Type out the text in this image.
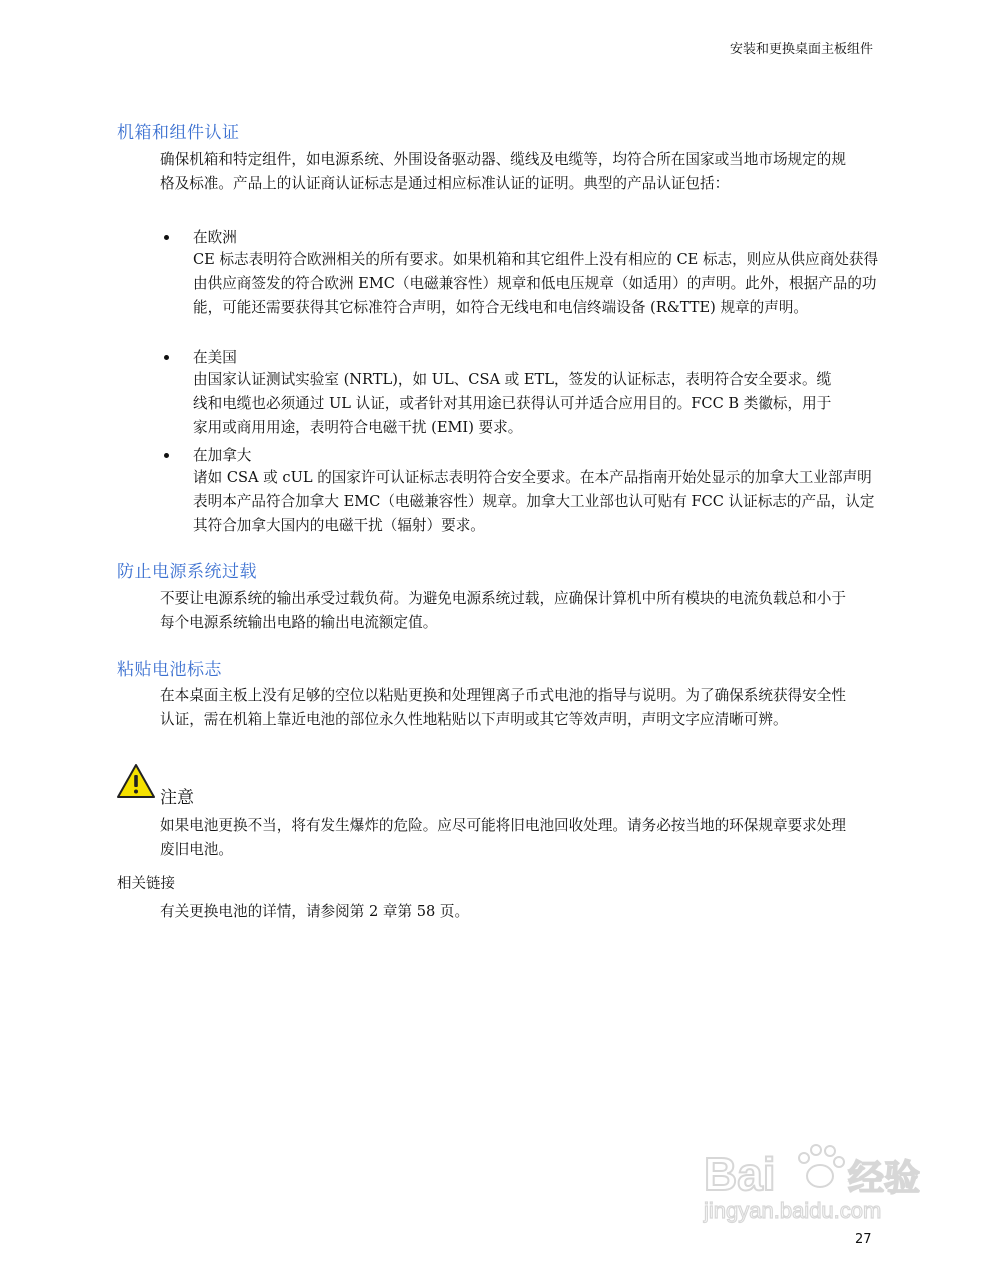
安装和更换桌面主板组件
机箱和组件认证
确保机箱和特定组件，如电源系统、外围设备驱动器、缆线及电缆等，均符合所在国家或当地市场规定的规格及标准。产品上的认证商认证标志是通过相应标准认证的证明。典型的产品认证包括：
在欧洲
CE 标志表明符合欧洲相关的所有要求。如果机箱和其它组件上没有相应的 CE 标志，则应从供应商处获得由供应商签发的符合欧洲 EMC（电磁兼容性）规章和低电压规章（如适用）的声明。此外，根据产品的功能，可能还需要获得其它标准符合声明，如符合无线电和电信终端设备 (R&TTE) 规章的声明。
在美国
由国家认证测试实验室 (NRTL)，如 UL、CSA 或 ETL，签发的认证标志，表明符合安全要求。缆线和电缆也必须通过 UL 认证，或者针对其用途已获得认可并适合应用目的。FCC B 类徽标，用于家用或商用用途，表明符合电磁干扰 (EMI) 要求。
在加拿大
诸如 CSA 或 cUL 的国家许可认证标志表明符合安全要求。在本产品指南开始处显示的加拿大工业部声明表明本产品符合加拿大 EMC（电磁兼容性）规章。加拿大工业部也认可贴有 FCC 认证标志的产品，认定其符合加拿大国内的电磁干扰（辐射）要求。
防止电源系统过载
不要让电源系统的输出承受过载负荷。为避免电源系统过载，应确保计算机中所有模块的电流负载总和小于每个电源系统输出电路的输出电流额定值。
粘贴电池标志
在本桌面主板上没有足够的空位以粘贴更换和处理锂离子币式电池的指导与说明。为了确保系统获得安全性认证，需在机箱上靠近电池的部位永久性地粘贴以下声明或其它等效声明，声明文字应清晰可辨。
注意
如果电池更换不当，将有发生爆炸的危险。应尽可能将旧电池回收处理。请务必按当地的环保规章要求处理废旧电池。
相关链接
有关更换电池的详情，请参阅第 2 章第 58 页。
Bai 经验
jingyan.baidu.com
27
